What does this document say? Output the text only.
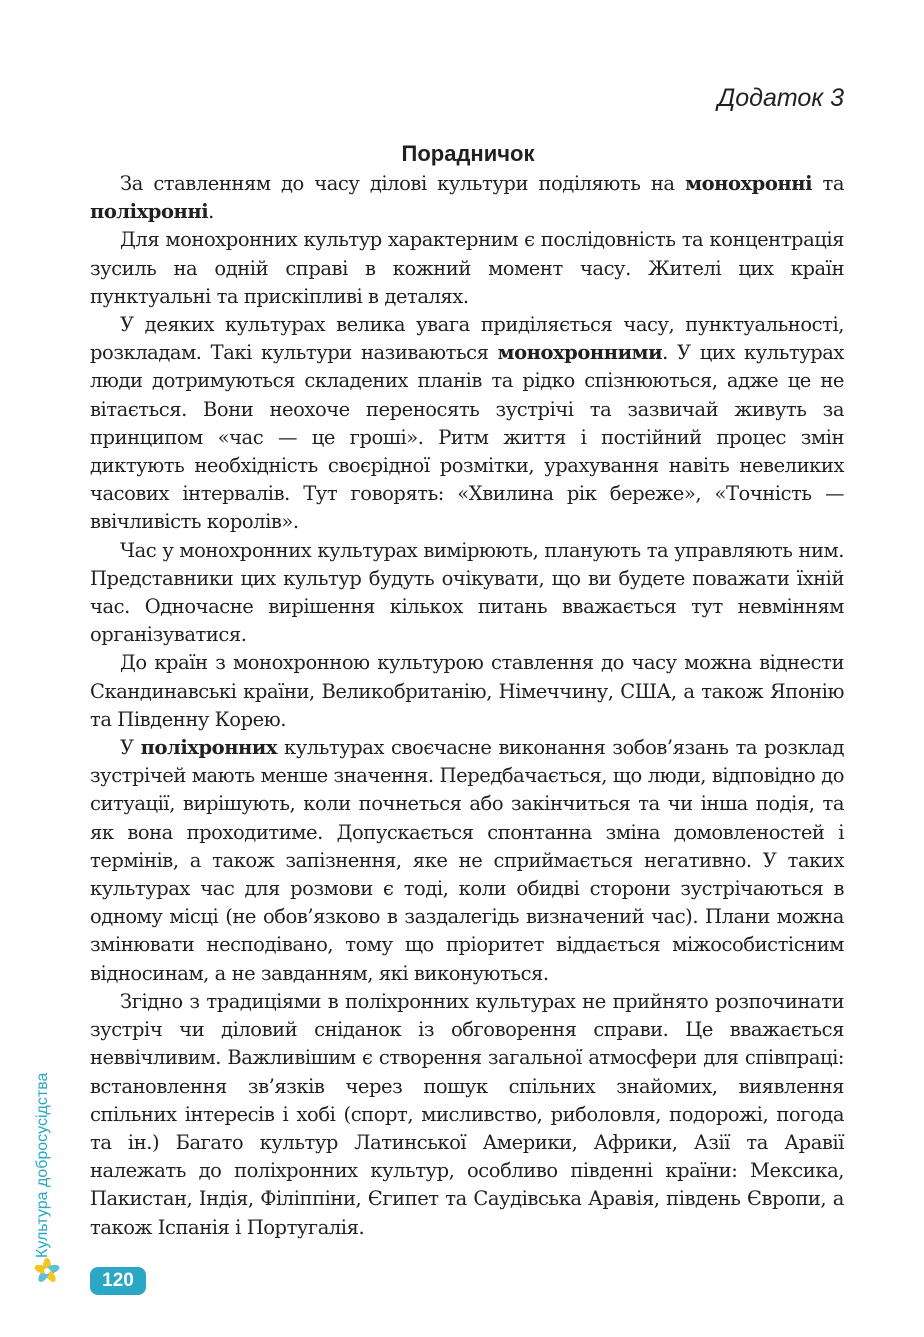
Додаток 3
Порадничок

За ставленням до часу ділові культури поділяють на монохронні та поліхронні.

Для монохронних культур характерним є послідовність та концентрація зусиль на одній справі в кожний момент часу. Жителі цих країн пунктуальні та прискіпливі в деталях.

У деяких культурах велика увага приділяється часу, пунктуальності, розкладам. Такі культури називаються монохронними. У цих культурах люди дотримуються складених планів та рідко спізнюються, адже це не вітається. Вони неохоче переносять зустрічі та зазвичай живуть за принципом «час — це гроші». Ритм життя і постійний процес змін диктують необхідність своєрідної розмітки, урахування навіть невеликих часових інтервалів. Тут говорять: «Хвилина рік береже», «Точність — ввічливість королів».

Час у монохронних культурах вимірюють, планують та управляють ним. Представники цих культур будуть очікувати, що ви будете поважати їхній час. Одночасне вирішення кількох питань вважається тут невмінням організуватися.

До країн з монохронною культурою ставлення до часу можна віднести Скандинавські країни, Великобританію, Німеччину, США, а також Японію та Південну Корею.

У поліхронних культурах своєчасне виконання зобов’язань та розклад зустрічей мають менше значення. Передбачається, що люди, відповідно до ситуації, вирішують, коли почнеться або закінчиться та чи інша подія, та як вона проходитиме. Допускається спонтанна зміна домовленостей і термінів, а також запізнення, яке не сприймається негативно. У таких культурах час для розмови є тоді, коли обидві сторони зустрічаються в одному місці (не обов’язково в заздалегідь визначений час). Плани можна змінювати несподівано, тому що пріоритет віддається міжособистісним відносинам, а не завданням, які виконуються.

Згідно з традиціями в поліхронних культурах не прийнято розпочинати зустріч чи діловий сніданок із обговорення справи. Це вважається неввічливим. Важливішим є створення загальної атмосфери для співпраці: встановлення зв’язків через пошук спільних знайомих, виявлення спільних інтересів і хобі (спорт, мисливство, риболовля, подорожі, погода та ін.) Багато культур Латинської Америки, Африки, Азії та Аравії належать до поліхронних культур, особливо південні країни: Мексика, Пакистан, Індія, Філіппіни, Єгипет та Саудівська Аравія, південь Європи, а також Іспанія і Португалія.

Культура добросусідства
120
